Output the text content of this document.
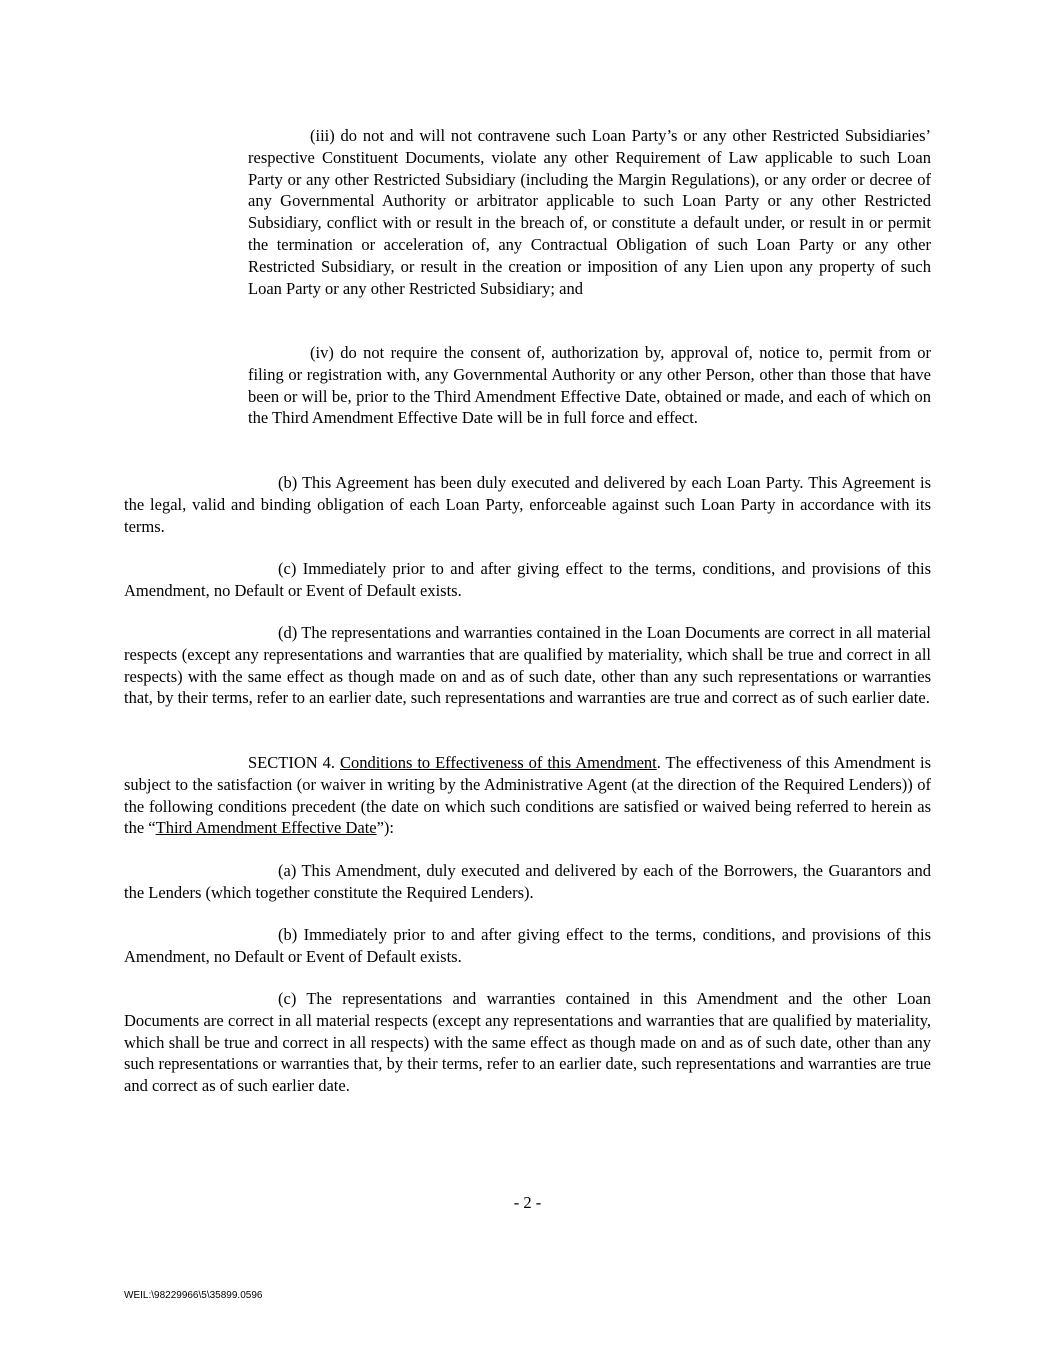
(iii) do not and will not contravene such Loan Party’s or any other Restricted Subsidiaries’ respective Constituent Documents, violate any other Requirement of Law applicable to such Loan Party or any other Restricted Subsidiary (including the Margin Regulations), or any order or decree of any Governmental Authority or arbitrator applicable to such Loan Party or any other Restricted Subsidiary, conflict with or result in the breach of, or constitute a default under, or result in or permit the termination or acceleration of, any Contractual Obligation of such Loan Party or any other Restricted Subsidiary, or result in the creation or imposition of any Lien upon any property of such Loan Party or any other Restricted Subsidiary; and

(iv) do not require the consent of, authorization by, approval of, notice to, permit from or filing or registration with, any Governmental Authority or any other Person, other than those that have been or will be, prior to the Third Amendment Effective Date, obtained or made, and each of which on the Third Amendment Effective Date will be in full force and effect.

(b) This Agreement has been duly executed and delivered by each Loan Party. This Agreement is the legal, valid and binding obligation of each Loan Party, enforceable against such Loan Party in accordance with its terms.

(c) Immediately prior to and after giving effect to the terms, conditions, and provisions of this Amendment, no Default or Event of Default exists.

(d) The representations and warranties contained in the Loan Documents are correct in all material respects (except any representations and warranties that are qualified by materiality, which shall be true and correct in all respects) with the same effect as though made on and as of such date, other than any such representations or warranties that, by their terms, refer to an earlier date, such representations and warranties are true and correct as of such earlier date.

SECTION 4. Conditions to Effectiveness of this Amendment. The effectiveness of this Amendment is subject to the satisfaction (or waiver in writing by the Administrative Agent (at the direction of the Required Lenders)) of the following conditions precedent (the date on which such conditions are satisfied or waived being referred to herein as the “Third Amendment Effective Date”):

(a) This Amendment, duly executed and delivered by each of the Borrowers, the Guarantors and the Lenders (which together constitute the Required Lenders).

(b) Immediately prior to and after giving effect to the terms, conditions, and provisions of this Amendment, no Default or Event of Default exists.

(c) The representations and warranties contained in this Amendment and the other Loan Documents are correct in all material respects (except any representations and warranties that are qualified by materiality, which shall be true and correct in all respects) with the same effect as though made on and as of such date, other than any such representations or warranties that, by their terms, refer to an earlier date, such representations and warranties are true and correct as of such earlier date.

- 2 -
WEIL:\98229966\5\35899.0596
